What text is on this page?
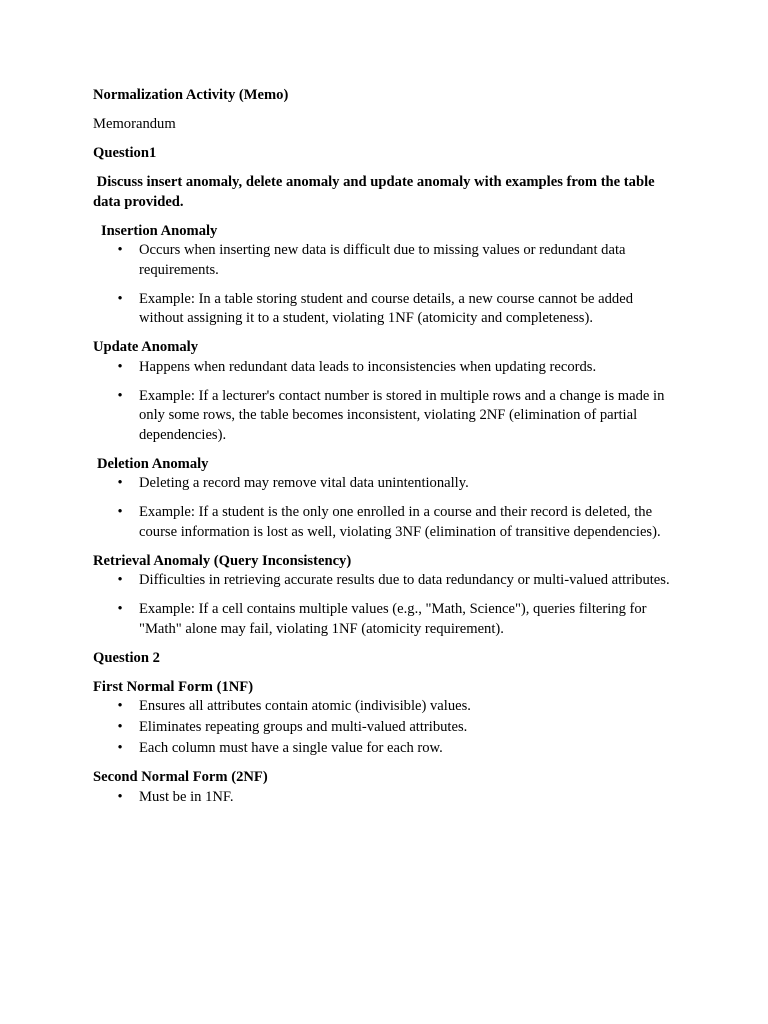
Normalization Activity (Memo)

Memorandum

Question1

Discuss insert anomaly, delete anomaly and update anomaly with examples from the table data provided.

Insertion Anomaly

• Occurs when inserting new data is difficult due to missing values or redundant data requirements.
• Example: In a table storing student and course details, a new course cannot be added without assigning it to a student, violating 1NF (atomicity and completeness).

Update Anomaly

• Happens when redundant data leads to inconsistencies when updating records.
• Example: If a lecturer's contact number is stored in multiple rows and a change is made in only some rows, the table becomes inconsistent, violating 2NF (elimination of partial dependencies).

Deletion Anomaly

• Deleting a record may remove vital data unintentionally.
• Example: If a student is the only one enrolled in a course and their record is deleted, the course information is lost as well, violating 3NF (elimination of transitive dependencies).

Retrieval Anomaly (Query Inconsistency)

• Difficulties in retrieving accurate results due to data redundancy or multi-valued attributes.
• Example: If a cell contains multiple values (e.g., "Math, Science"), queries filtering for "Math" alone may fail, violating 1NF (atomicity requirement).

Question 2

First Normal Form (1NF)

• Ensures all attributes contain atomic (indivisible) values.
• Eliminates repeating groups and multi-valued attributes.
• Each column must have a single value for each row.

Second Normal Form (2NF)

• Must be in 1NF.
